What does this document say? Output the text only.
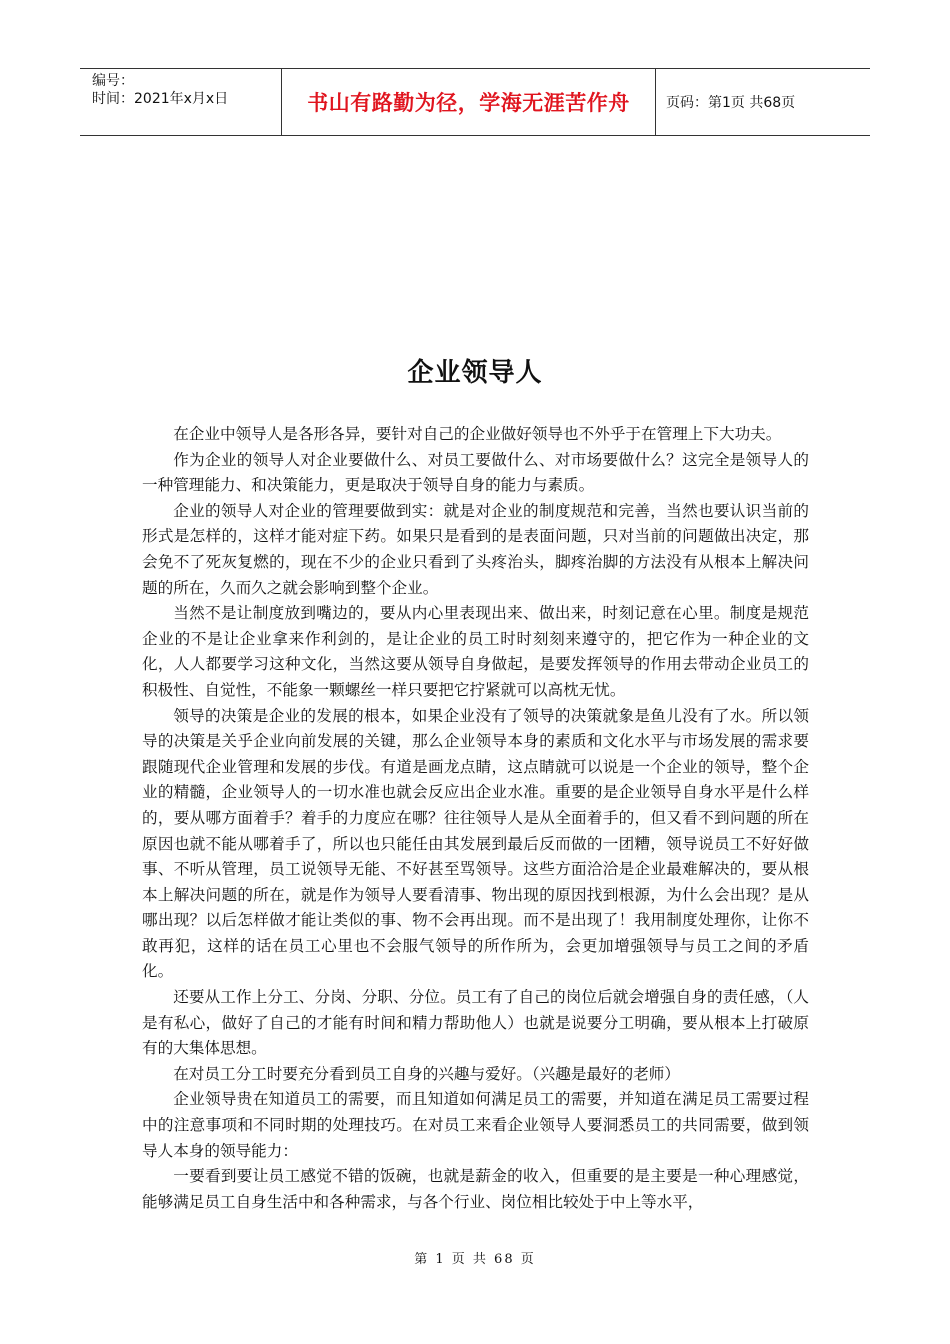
编号：
时间：2021年x月x日	书山有路勤为径，学海无涯苦作舟	页码：第1页 共68页
企业领导人

在企业中领导人是各形各异，要针对自己的企业做好领导也不外乎于在管理上下大功夫。

作为企业的领导人对企业要做什么、对员工要做什么、对市场要做什么？这完全是领导人的一种管理能力、和决策能力，更是取决于领导自身的能力与素质。

企业的领导人对企业的管理要做到实：就是对企业的制度规范和完善，当然也要认识当前的形式是怎样的，这样才能对症下药。如果只是看到的是表面问题，只对当前的问题做出决定，那会免不了死灰复燃的，现在不少的企业只看到了头疼治头，脚疼治脚的方法没有从根本上解决问题的所在，久而久之就会影响到整个企业。

当然不是让制度放到嘴边的，要从内心里表现出来、做出来，时刻记意在心里。制度是规范企业的不是让企业拿来作利剑的，是让企业的员工时时刻刻来遵守的，把它作为一种企业的文化，人人都要学习这种文化，当然这要从领导自身做起，是要发挥领导的作用去带动企业员工的积极性、自觉性，不能象一颗螺丝一样只要把它拧紧就可以高枕无忧。

领导的决策是企业的发展的根本，如果企业没有了领导的决策就象是鱼儿没有了水。所以领导的决策是关乎企业向前发展的关键，那么企业领导本身的素质和文化水平与市场发展的需求要跟随现代企业管理和发展的步伐。有道是画龙点睛，这点睛就可以说是一个企业的领导，整个企业的精髓，企业领导人的一切水准也就会反应出企业水准。重要的是企业领导自身水平是什么样的，要从哪方面着手？着手的力度应在哪？往往领导人是从全面着手的，但又看不到问题的所在原因也就不能从哪着手了，所以也只能任由其发展到最后反而做的一团糟，领导说员工不好好做事、不听从管理，员工说领导无能、不好甚至骂领导。这些方面洽洽是企业最难解决的，要从根本上解决问题的所在，就是作为领导人要看清事、物出现的原因找到根源，为什么会出现？是从哪出现？以后怎样做才能让类似的事、物不会再出现。而不是出现了！我用制度处理你，让你不敢再犯，这样的话在员工心里也不会服气领导的所作所为，会更加增强领导与员工之间的矛盾化。

还要从工作上分工、分岗、分职、分位。员工有了自己的岗位后就会增强自身的责任感，（人是有私心，做好了自己的才能有时间和精力帮助他人）也就是说要分工明确，要从根本上打破原有的大集体思想。

在对员工分工时要充分看到员工自身的兴趣与爱好。（兴趣是最好的老师）

企业领导贵在知道员工的需要，而且知道如何满足员工的需要，并知道在满足员工需要过程中的注意事项和不同时期的处理技巧。在对员工来看企业领导人要洞悉员工的共同需要，做到领导人本身的领导能力：

一要看到要让员工感觉不错的饭碗，也就是薪金的收入，但重要的是主要是一种心理感觉，能够满足员工自身生活中和各种需求，与各个行业、岗位相比较处于中上等水平，

第 1 页 共 68 页
